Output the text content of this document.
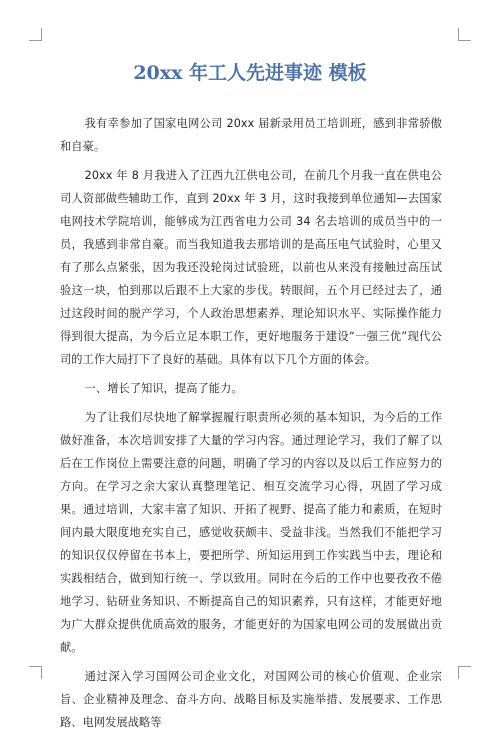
20xx 年工人先进事迹 模板

我有幸参加了国家电网公司 20xx 届新录用员工培训班，感到非常骄傲和自豪。

20xx 年 8 月我进入了江西九江供电公司，在前几个月我一直在供电公司人资部做些辅助工作，直到 20xx 年 3 月，这时我接到单位通知—去国家电网技术学院培训，能够成为江西省电力公司 34 名去培训的成员当中的一员，我感到非常自豪。而当我知道我去那培训的是高压电气试验时，心里又有了那么点紧张，因为我还没轮岗过试验班，以前也从来没有接触过高压试验这一块，怕到那以后跟不上大家的步伐。转眼间，五个月已经过去了，通过这段时间的脱产学习，个人政治思想素养、理论知识水平、实际操作能力得到很大提高，为今后立足本职工作，更好地服务于建设“一强三优”现代公司的工作大局打下了良好的基础。具体有以下几个方面的体会。

一、增长了知识，提高了能力。

为了让我们尽快地了解掌握履行职责所必须的基本知识，为今后的工作做好准备，本次培训安排了大量的学习内容。通过理论学习，我们了解了以后在工作岗位上需要注意的问题，明确了学习的内容以及以后工作应努力的方向。在学习之余大家认真整理笔记、相互交流学习心得，巩固了学习成果。通过培训，大家丰富了知识、开拓了视野、提高了能力和素质，在短时间内最大限度地充实自己，感觉收获颇丰、受益非浅。当然我们不能把学习的知识仅仅停留在书本上，要把所学、所知运用到工作实践当中去，理论和实践相结合，做到知行统一、学以致用。同时在今后的工作中也要孜孜不倦地学习、钻研业务知识、不断提高自己的知识素养，只有这样，才能更好地为广大群众提供优质高效的服务，才能更好的为国家电网公司的发展做出贡献。

通过深入学习国网公司企业文化，对国网公司的核心价值观、企业宗旨、企业精神及理念、奋斗方向、战略目标及实施举措、发展要求、工作思路、电网发展战略等
